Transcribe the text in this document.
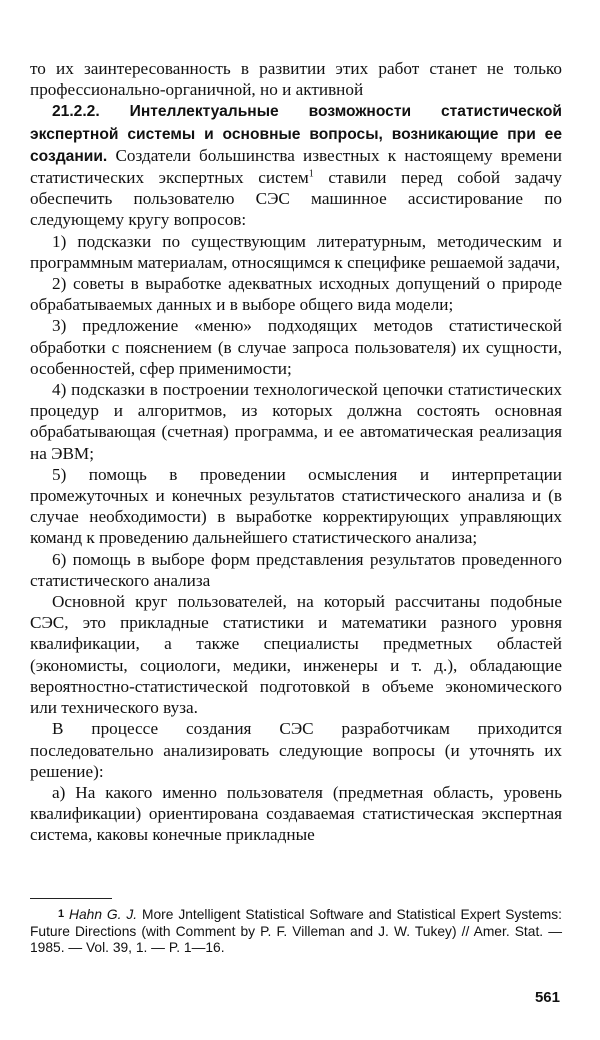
то их заинтересованность в развитии этих работ станет не только профессионально-органичной, но и активной

21.2.2. Интеллектуальные возможности статистической экспертной системы и основные вопросы, возникающие при ее создании. Создатели большинства известных к настоящему времени статистических экспертных систем$^1$ ставили перед собой задачу обеспечить пользователю СЭС машинное ассистирование по следующему кругу вопросов:

1) подсказки по существующим литературным, методическим и программным материалам, относящимся к специфике решаемой задачи,

2) советы в выработке адекватных исходных допущений о природе обрабатываемых данных и в выборе общего вида модели;

3) предложение «меню» подходящих методов статистической обработки с пояснением (в случае запроса пользователя) их сущности, особенностей, сфер применимости;

4) подсказки в построении технологической цепочки статистических процедур и алгоритмов, из которых должна состоять основная обрабатывающая (счетная) программа, и ее автоматическая реализация на ЭВМ;

5) помощь в проведении осмысления и интерпретации промежуточных и конечных результатов статистического анализа и (в случае необходимости) в выработке корректирующих управляющих команд к проведению дальнейшего статистического анализа;

6) помощь в выборе форм представления результатов проведенного статистического анализа

Основной круг пользователей, на который рассчитаны подобные СЭС, это прикладные статистики и математики разного уровня квалификации, а также специалисты предметных областей (экономисты, социологи, медики, инженеры и т. д.), обладающие вероятностно-статистической подготовкой в объеме экономического или технического вуза.

В процессе создания СЭС разработчикам приходится последовательно анализировать следующие вопросы (и уточнять их решение):

а) На какого именно пользователя (предметная область, уровень квалификации) ориентирована создаваемая статистическая экспертная система, каковы конечные прикладные

1 Hahn G. J. More Jntelligent Statistical Software and Statistical Expert Systems: Future Directions (with Comment by P. F. Villeman and J. W. Tukey) // Amer. Stat. — 1985. — Vol. 39, 1. — P. 1—16.
561
